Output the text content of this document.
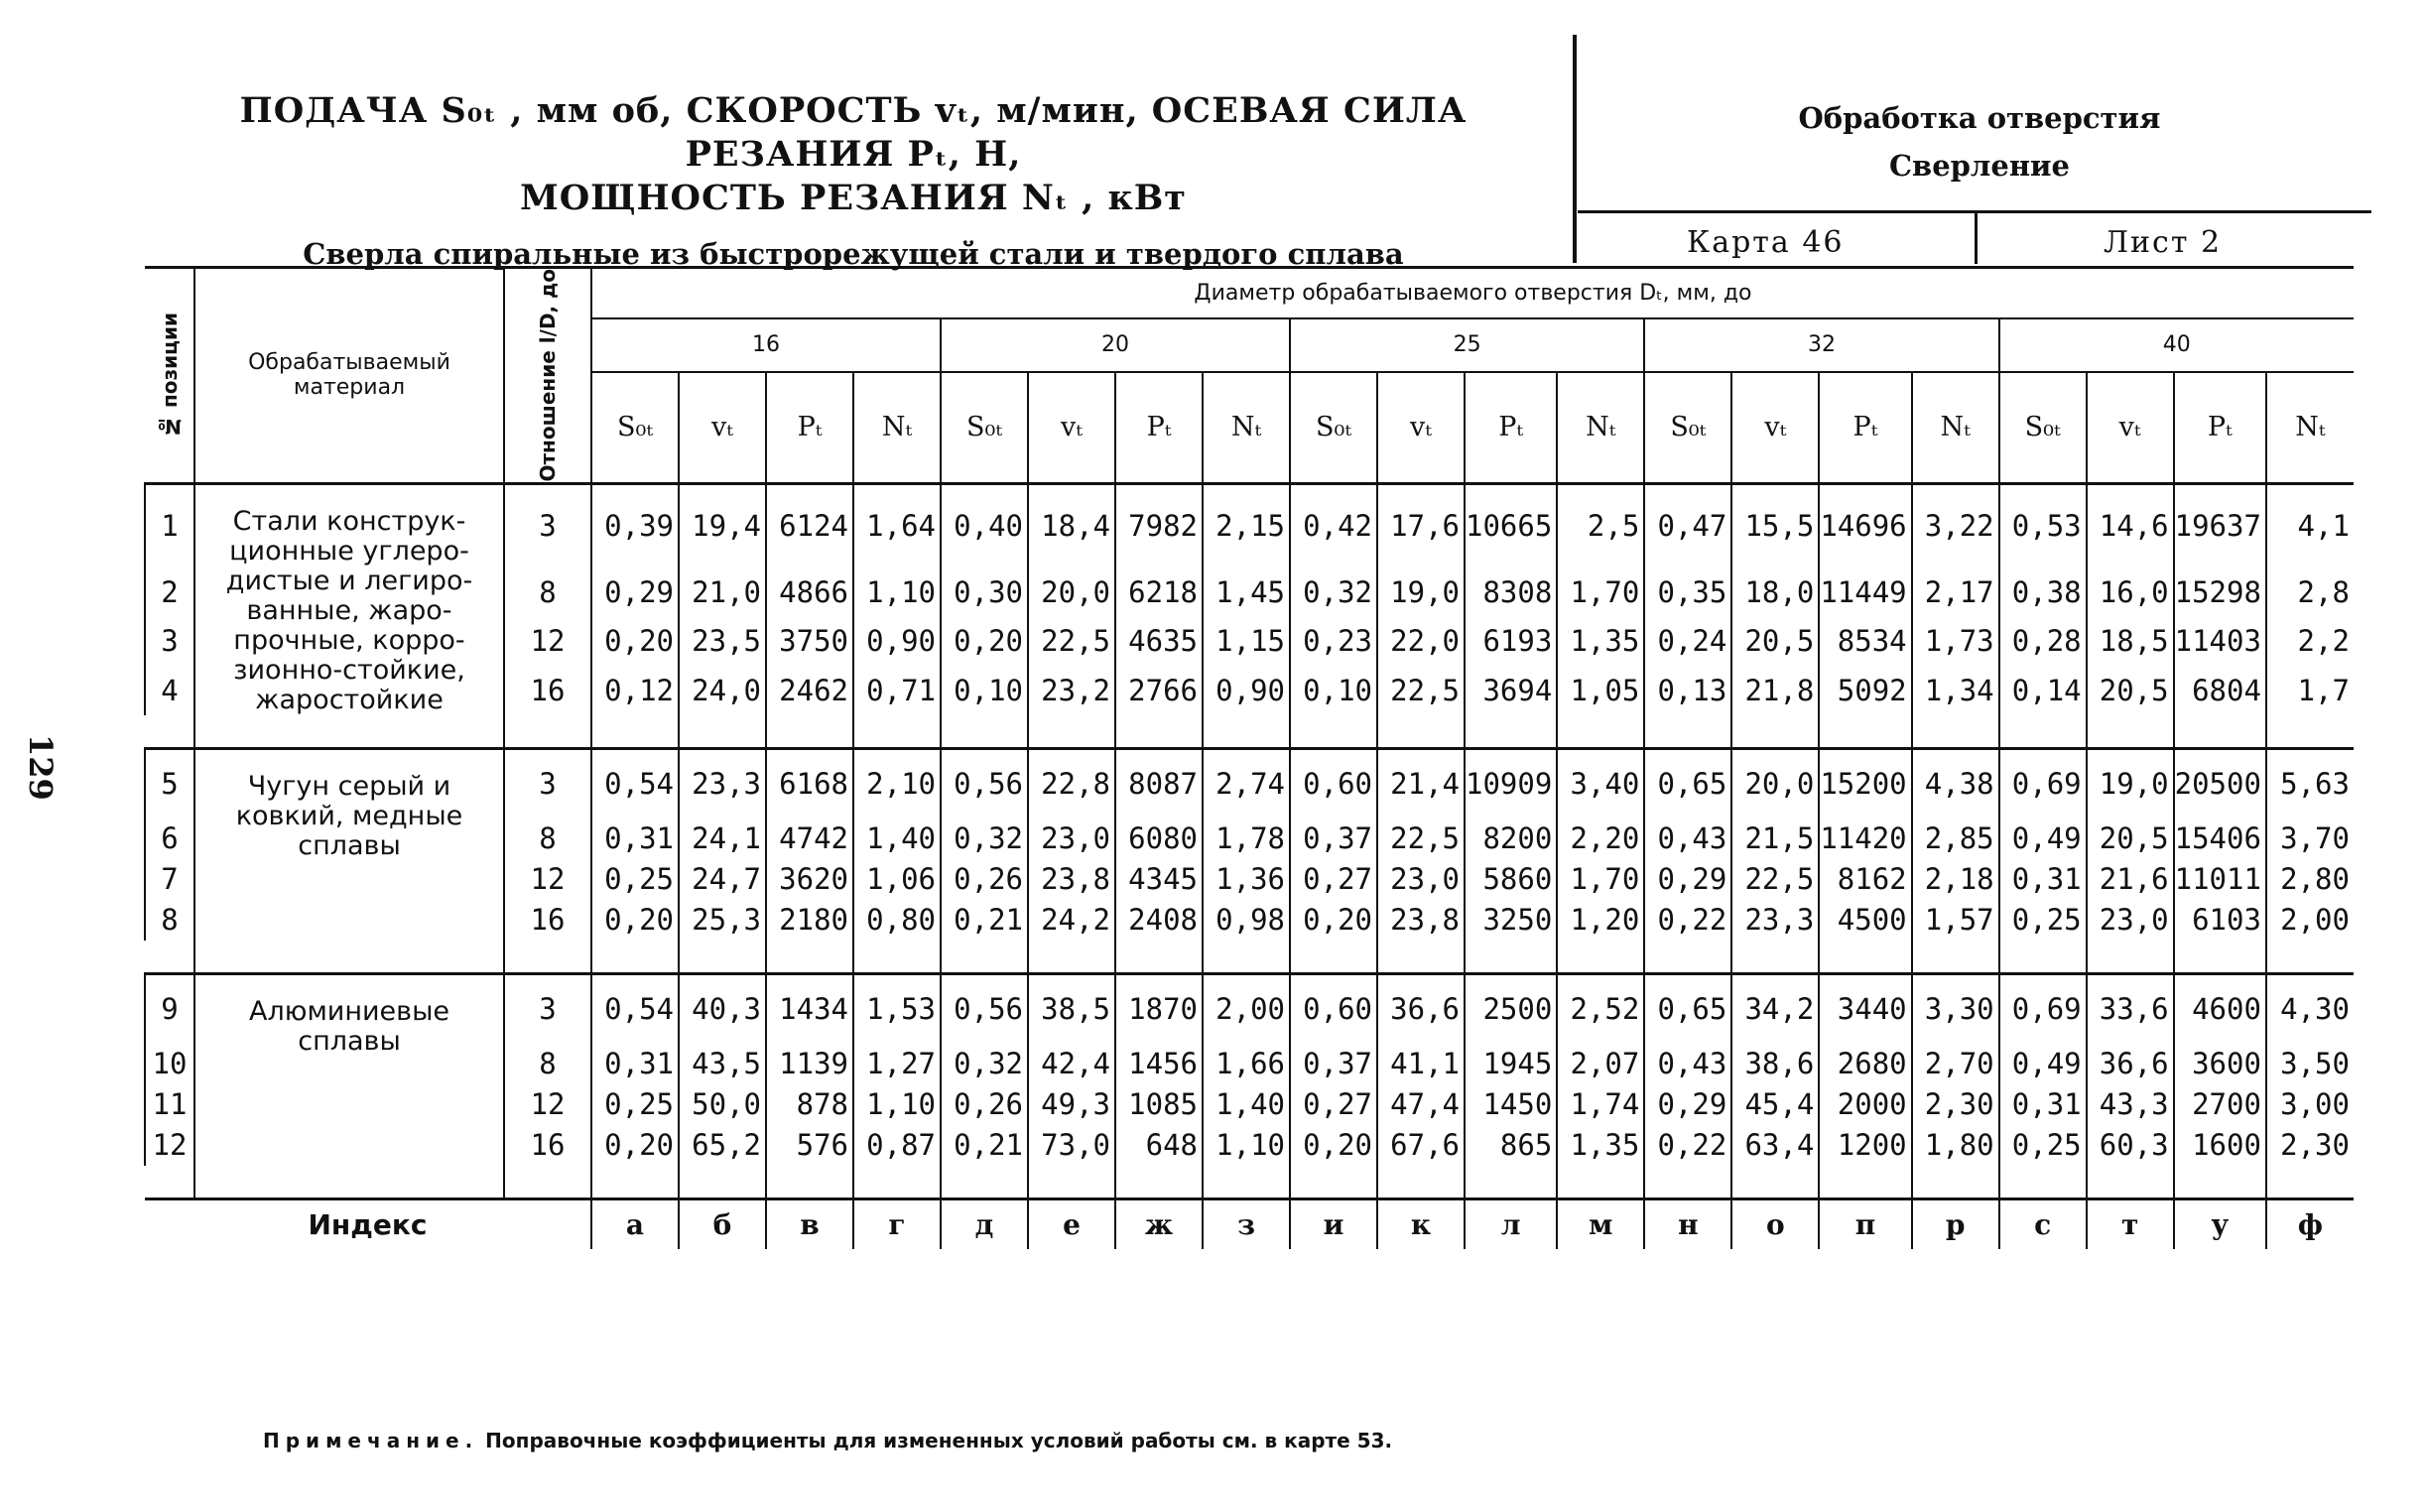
ПОДАЧА S₀ₜ , мм об, СКОРОСТЬ vₜ, м/мин, ОСЕВАЯ СИЛА РЕЗАНИЯ Pₜ, Н,
МОЩНОСТЬ РЕЗАНИЯ Nₜ , кВт
Сверла спиральные из быстрорежущей стали и твердого сплава
Обработка отверстия
Сверление
Карта 46	Лист 2
129
№ позиции	Обрабатываемый материал	Отношение l/D, до	Диаметр обрабатываемого отверстия Dₜ, мм, до																			
			16				20				25				32				40			
			S₀ₜ	vₜ	Pₜ	Nₜ	S₀ₜ	vₜ	Pₜ	Nₜ	S₀ₜ	vₜ	Pₜ	Nₜ	S₀ₜ	vₜ	Pₜ	Nₜ	S₀ₜ	vₜ	Pₜ	Nₜ
1	Стали конструк-ционные углеро-дистые и легиро-ванные, жаро-прочные, корро-зионно-стойкие, жаростойкие	3	0,39	19,4	6124	1,64	0,40	18,4	7982	2,15	0,42	17,6	10665	2,5	0,47	15,5	14696	3,22	0,53	14,6	19637	4,1
2		8	0,29	21,0	4866	1,10	0,30	20,0	6218	1,45	0,32	19,0	8308	1,70	0,35	18,0	11449	2,17	0,38	16,0	15298	2,8
3		12	0,20	23,5	3750	0,90	0,20	22,5	4635	1,15	0,23	22,0	6193	1,35	0,24	20,5	8534	1,73	0,28	18,5	11403	2,2
4		16	0,12	24,0	2462	0,71	0,10	23,2	2766	0,90	0,10	22,5	3694	1,05	0,13	21,8	5092	1,34	0,14	20,5	6804	1,7

5	Чугун серый и ковкий, медные сплавы	3	0,54	23,3	6168	2,10	0,56	22,8	8087	2,74	0,60	21,4	10909	3,40	0,65	20,0	15200	4,38	0,69	19,0	20500	5,63
6		8	0,31	24,1	4742	1,40	0,32	23,0	6080	1,78	0,37	22,5	8200	2,20	0,43	21,5	11420	2,85	0,49	20,5	15406	3,70
7		12	0,25	24,7	3620	1,06	0,26	23,8	4345	1,36	0,27	23,0	5860	1,70	0,29	22,5	8162	2,18	0,31	21,6	11011	2,80
8		16	0,20	25,3	2180	0,80	0,21	24,2	2408	0,98	0,20	23,8	3250	1,20	0,22	23,3	4500	1,57	0,25	23,0	6103	2,00

9	Алюминиевые сплавы	3	0,54	40,3	1434	1,53	0,56	38,5	1870	2,00	0,60	36,6	2500	2,52	0,65	34,2	3440	3,30	0,69	33,6	4600	4,30
10		8	0,31	43,5	1139	1,27	0,32	42,4	1456	1,66	0,37	41,1	1945	2,07	0,43	38,6	2680	2,70	0,49	36,6	3600	3,50
11		12	0,25	50,0	878	1,10	0,26	49,3	1085	1,40	0,27	47,4	1450	1,74	0,29	45,4	2000	2,30	0,31	43,3	2700	3,00
12		16	0,20	65,2	576	0,87	0,21	73,0	648	1,10	0,20	67,6	865	1,35	0,22	63,4	1200	1,80	0,25	60,3	1600	2,30

Индекс			а	б	в	г	д	е	ж	з	и	к	л	м	н	о	п	р	с	т	у	ф
Примечание. Поправочные коэффициенты для измененных условий работы см. в карте 53.
